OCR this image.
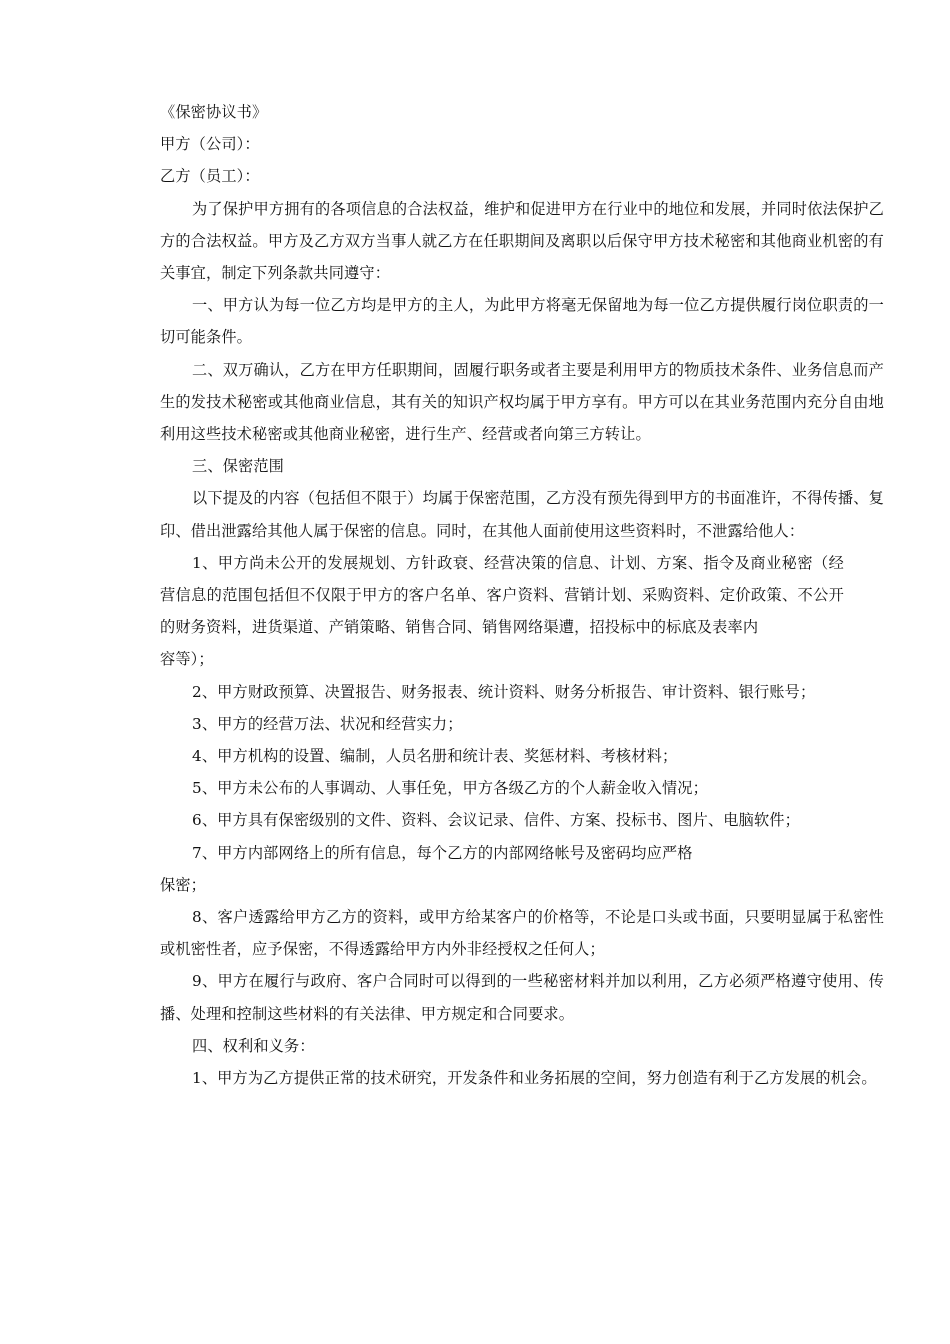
《保密协议书》

甲方（公司）：

乙方（员工）：

为了保护甲方拥有的各项信息的合法权益，维护和促进甲方在行业中的地位和发展，并同时依法保护乙方的合法权益。甲方及乙方双方当事人就乙方在任职期间及离职以后保守甲方技术秘密和其他商业机密的有关事宜，制定下列条款共同遵守：

一、甲方认为每一位乙方均是甲方的主人，为此甲方将毫无保留地为每一位乙方提供履行岗位职责的一切可能条件。

二、双万确认，乙方在甲方任职期间，固履行职务或者主要是利用甲方的物质技术条件、业务信息而产生的发技术秘密或其他商业信息，其有关的知识产权均属于甲方享有。甲方可以在其业务范围内充分自由地利用这些技术秘密或其他商业秘密，进行生产、经营或者向第三方转让。

三、保密范围

以下提及的内容（包括但不限于）均属于保密范围，乙方没有预先得到甲方的书面准许，不得传播、复印、借出泄露给其他人属于保密的信息。同时，在其他人面前使用这些资料时，不泄露给他人：

1、甲方尚未公开的发展规划、方针政衰、经营决策的信息、计划、方案、指令及商业秘密（经营信息的范围包括但不仅限于甲方的客户名单、客户资料、营销计划、采购资料、定价政策、不公开的财务资料，进货渠道、产销策略、销售合同、销售网络渠遭，招投标中的标底及表率内

容等）；

2、甲方财政预算、决置报告、财务报表、统计资料、财务分析报告、审计资料、银行账号；

3、甲方的经营万法、状况和经营实力；

4、甲方机构的设置、编制，人员名册和统计表、奖惩材料、考核材料；

5、甲方未公布的人事调动、人事任免，甲方各级乙方的个人薪金收入情况；

6、甲方具有保密级别的文件、资料、会议记录、信件、方案、投标书、图片、电脑软件；

7、甲方内部网络上的所有信息，每个乙方的内部网络帐号及密码均应严格

保密；

8、客户透露给甲方乙方的资料，或甲方给某客户的价格等，不论是口头或书面，只要明显属于私密性或机密性者，应予保密，不得透露给甲方内外非经授权之任何人；

9、甲方在履行与政府、客户合同时可以得到的一些秘密材料并加以利用，乙方必须严格遵守使用、传播、处理和控制这些材料的有关法律、甲方规定和合同要求。

四、权利和义务：

1、甲方为乙方提供正常的技术研究，开发条件和业务拓展的空间，努力创造有利于乙方发展的机会。
